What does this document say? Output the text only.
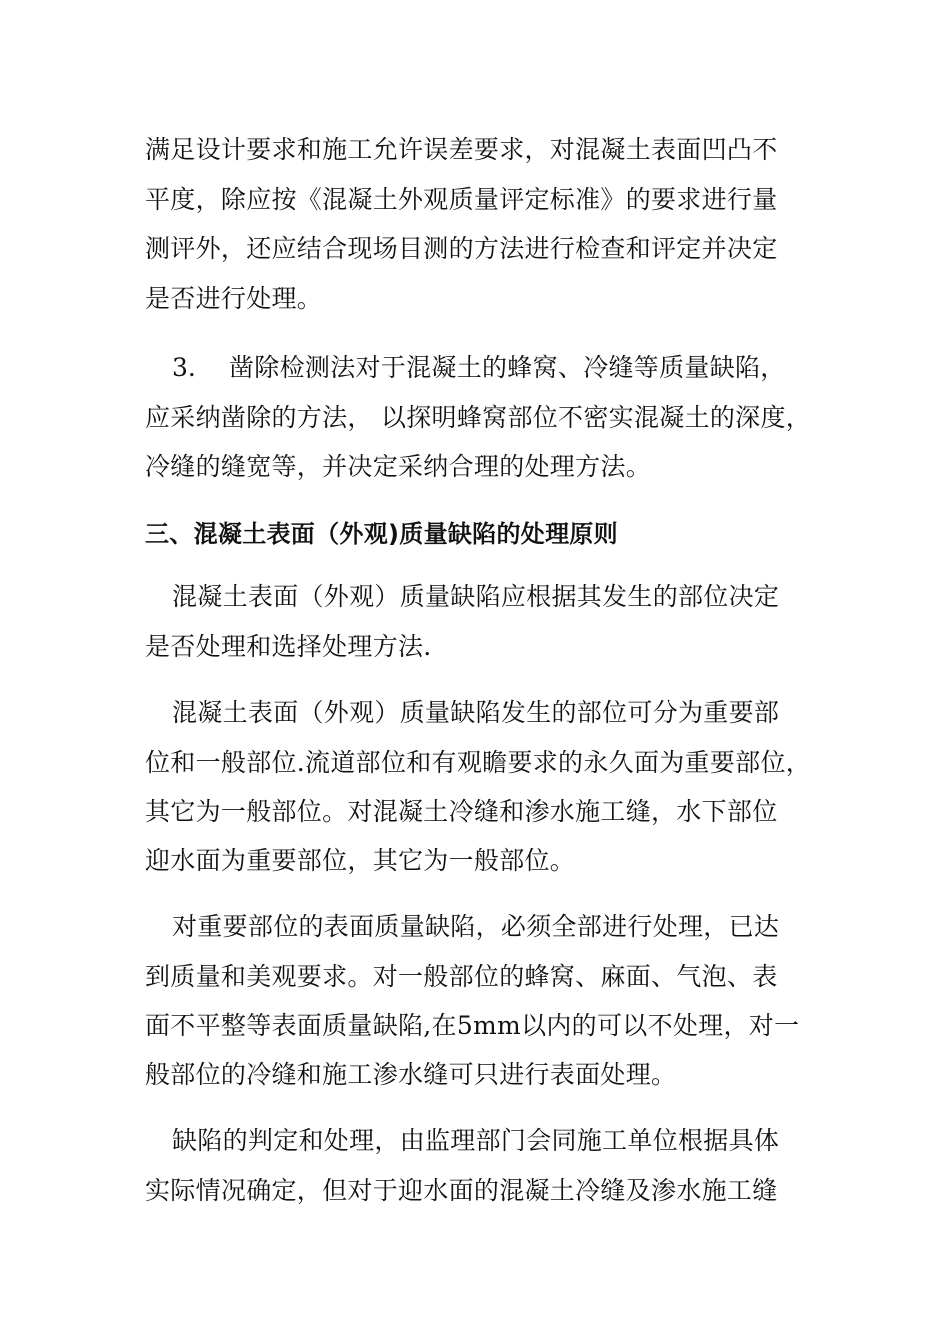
满足设计要求和施工允许误差要求，对混凝土表面凹凸不
平度，除应按《混凝土外观质量评定标准》的要求进行量
测评外，还应结合现场目测的方法进行检查和评定并决定
是否进行处理。
3. 凿除检测法对于混凝土的蜂窝、冷缝等质量缺陷，
应采纳凿除的方法， 以探明蜂窝部位不密实混凝土的深度，
冷缝的缝宽等，并决定采纳合理的处理方法。
三、混凝土表面（外观)质量缺陷的处理原则
混凝土表面（外观）质量缺陷应根据其发生的部位决定
是否处理和选择处理方法.
混凝土表面（外观）质量缺陷发生的部位可分为重要部
位和一般部位.流道部位和有观瞻要求的永久面为重要部位，
其它为一般部位。对混凝土冷缝和渗水施工缝，水下部位
迎水面为重要部位，其它为一般部位。
对重要部位的表面质量缺陷，必须全部进行处理，已达
到质量和美观要求。对一般部位的蜂窝、麻面、气泡、表
面不平整等表面质量缺陷,在5mm以内的可以不处理，对一
般部位的冷缝和施工渗水缝可只进行表面处理。
缺陷的判定和处理，由监理部门会同施工单位根据具体
实际情况确定，但对于迎水面的混凝土冷缝及渗水施工缝
